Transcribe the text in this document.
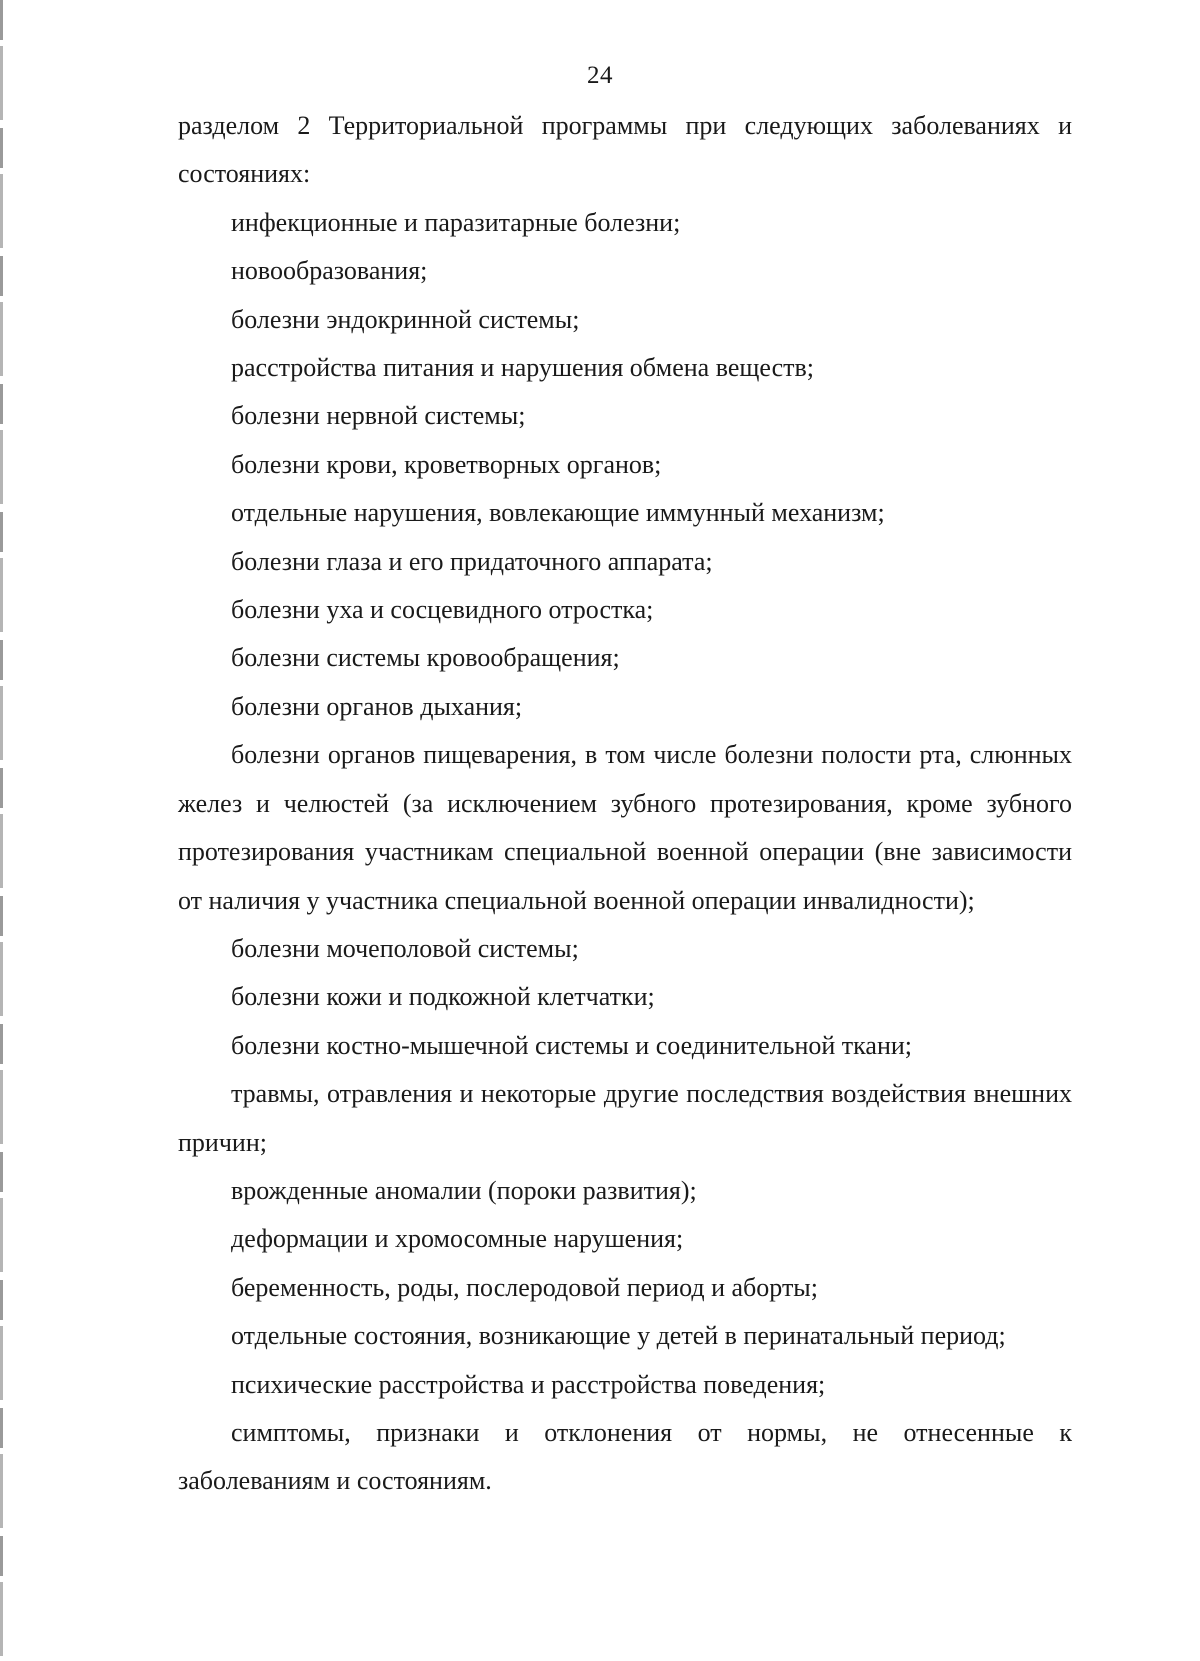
24

разделом 2 Территориальной программы при следующих заболеваниях и состояниях:

инфекционные и паразитарные болезни;

новообразования;

болезни эндокринной системы;

расстройства питания и нарушения обмена веществ;

болезни нервной системы;

болезни крови, кроветворных органов;

отдельные нарушения, вовлекающие иммунный механизм;

болезни глаза и его придаточного аппарата;

болезни уха и сосцевидного отростка;

болезни системы кровообращения;

болезни органов дыхания;

болезни органов пищеварения, в том числе болезни полости рта, слюнных желез и челюстей (за исключением зубного протезирования, кроме зубного протезирования участникам специальной военной операции (вне зависимости от наличия у участника специальной военной операции инвалидности);

болезни мочеполовой системы;

болезни кожи и подкожной клетчатки;

болезни костно-мышечной системы и соединительной ткани;

травмы, отравления и некоторые другие последствия воздействия внешних причин;

врожденные аномалии (пороки развития);

деформации и хромосомные нарушения;

беременность, роды, послеродовой период и аборты;

отдельные состояния, возникающие у детей в перинатальный период;

психические расстройства и расстройства поведения;

симптомы, признаки и отклонения от нормы, не отнесенные к заболеваниям и состояниям.
